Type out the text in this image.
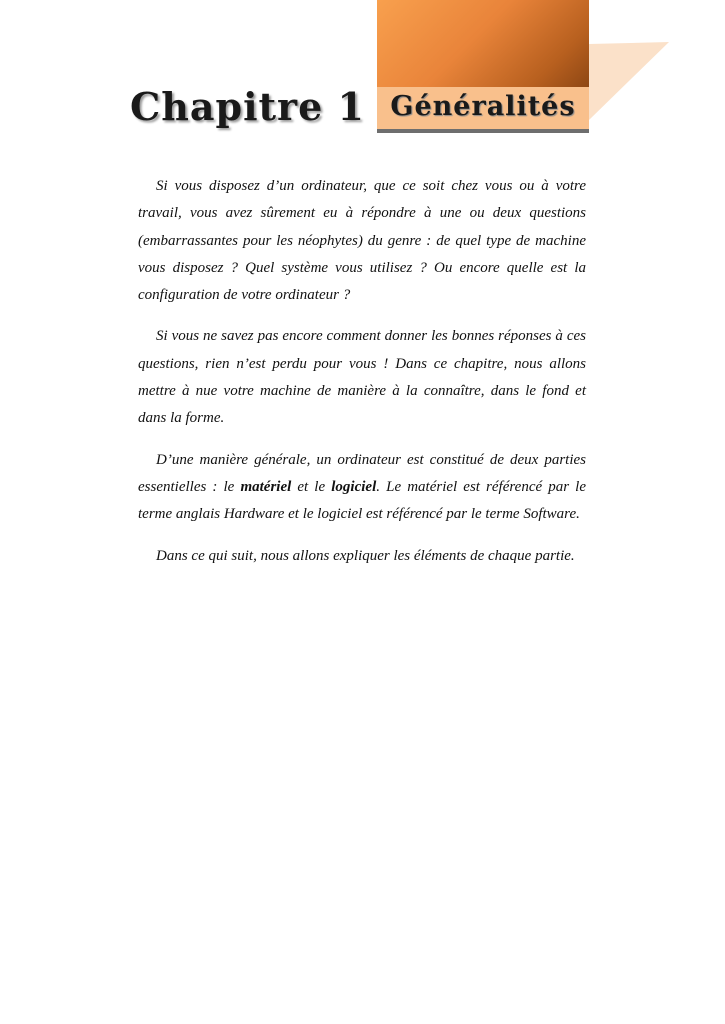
Chapitre 1 Généralités

Si vous disposez d’un ordinateur, que ce soit chez vous ou à votre travail, vous avez sûrement eu à répondre à une ou deux questions (embarrassantes pour les néophytes) du genre : de quel type de machine vous disposez ? Quel système vous utilisez ? Ou encore quelle est la configuration de votre ordinateur ?

Si vous ne savez pas encore comment donner les bonnes réponses à ces questions, rien n’est perdu pour vous ! Dans ce chapitre, nous allons mettre à nue votre machine de manière à la connaître, dans le fond et dans la forme.

D’une manière générale, un ordinateur est constitué de deux parties essentielles : le matériel et le logiciel. Le matériel est référencé par le terme anglais Hardware et le logiciel est référencé par le terme Software.

Dans ce qui suit, nous allons expliquer les éléments de chaque partie.
